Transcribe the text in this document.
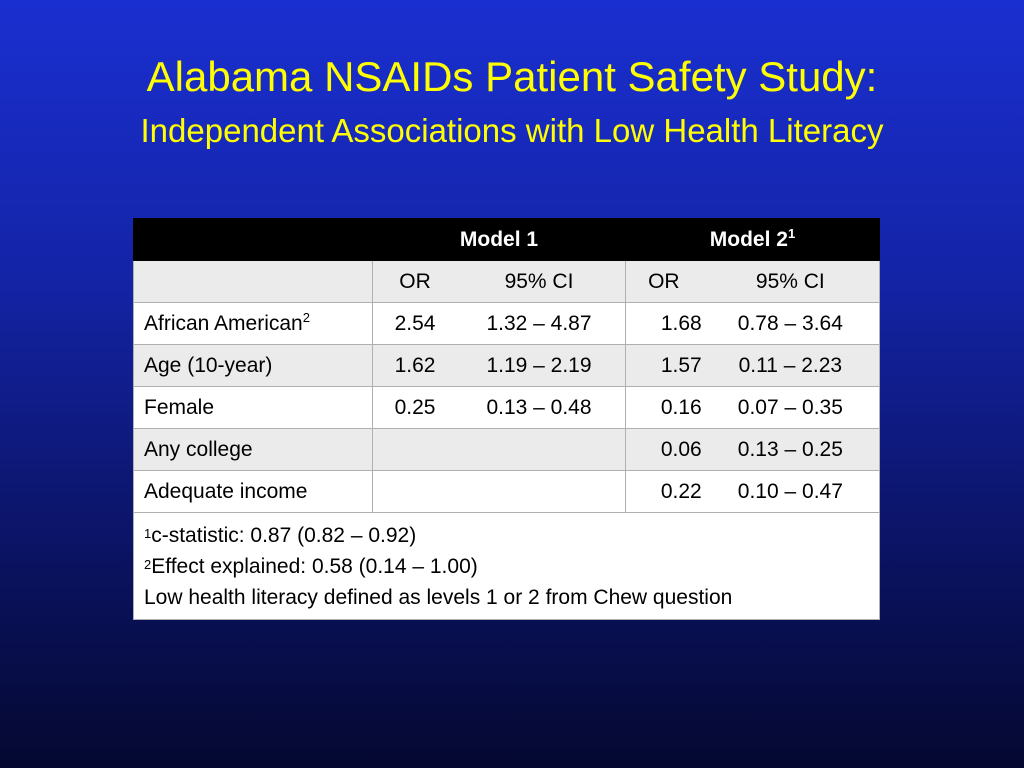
Alabama NSAIDs Patient Safety Study:
Independent Associations with Low Health Literacy

	Model 1	Model $2^1$

	OR 95% CI	OR 95% CI

African American$^2$	2.54 1.32 – 4.87	1.68 0.78 – 3.64

Age (10-year)	1.62 1.19 – 2.19	1.57 0.11 – 2.23

Female	0.25 0.13 – 0.48	0.16 0.07 – 0.35

Any college		0.06 0.13 – 0.25

Adequate income		0.22 0.10 – 0.47

$^1$c-statistic: 0.87 (0.82 – 0.92)
$^2$Effect explained: 0.58 (0.14 – 1.00)
Low health literacy defined as levels 1 or 2 from Chew question		
